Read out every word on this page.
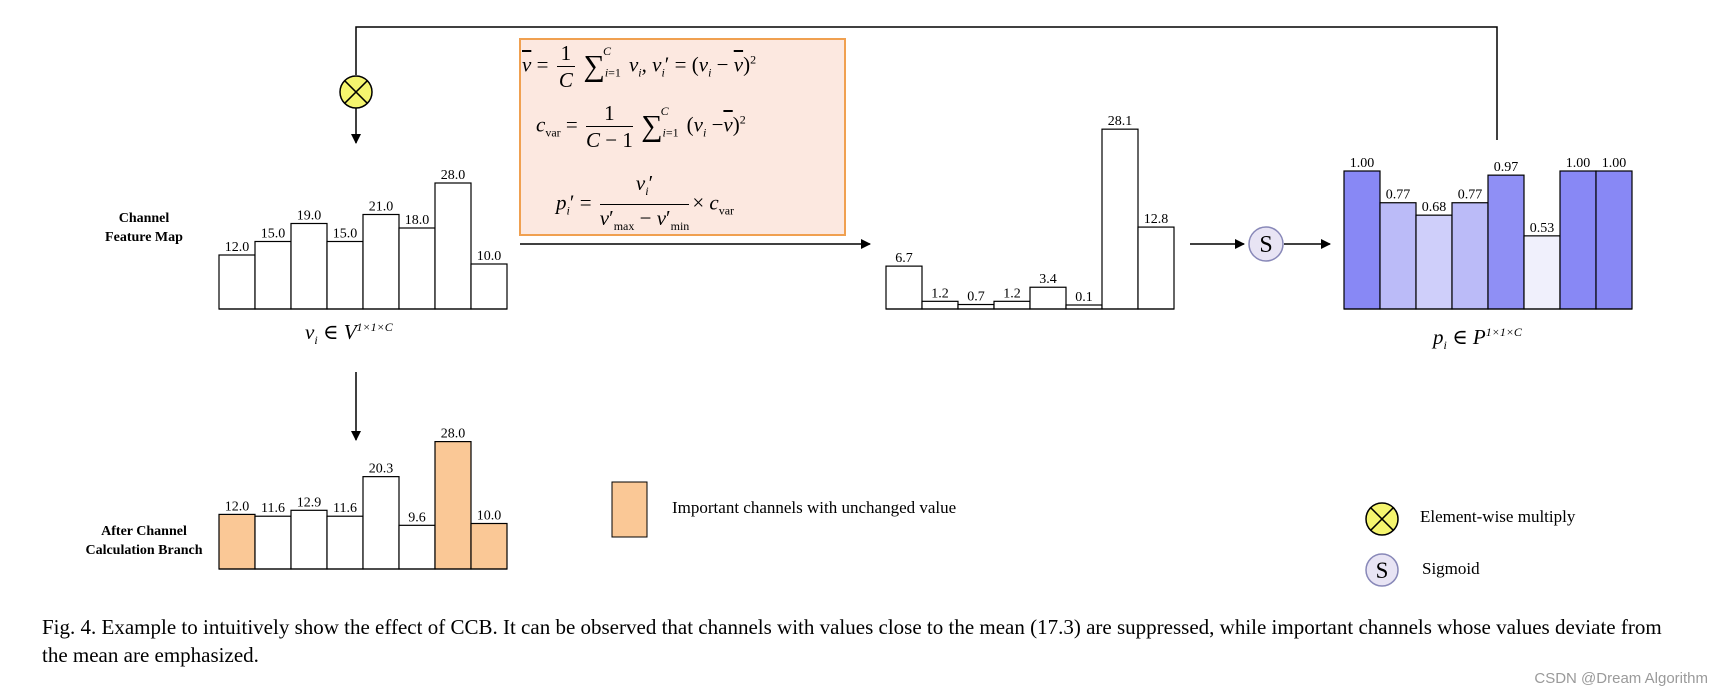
S
S
12.0
15.0
19.0
15.0
21.0
18.0
28.0
10.0
12.0 11.6 12.9 11.6
20.3
9.6
28.0
10.0
6.7
1.2 0.7 1.2
3.4
0.1
28.1
12.8
1.00
0.77
0.68
0.77
0.97
0.53
1.00 1.00
Channel
Feature Map
After Channel
Calculation Branch
$v_i$ ∈ $V^{1\times 1\times C}$	$p_i$ ∈ $P^{1\times 1\times C}$
$\overline{v} = \frac{1}{C} \sum_{i=1}^Cv_i$, $v_i' = (v_i - \overline{v})^2$
$c_{var} = \frac{1}{C - 1} \sum_{i=1}^C(v_i -\overline{v})^2$
$p_i' = \frac{v_i'}{v'_{max} - v'_{min}} \times c_{var}$
Important channels with unchanged value	Element-wise multiply
Sigmoid
Fig. 4. Example to intuitively show the effect of CCB. It can be observed that channels with values close to the mean (17.3) are suppressed, while important channels whose values deviate from the mean are emphasized.
CSDN @Dream Algorithm
